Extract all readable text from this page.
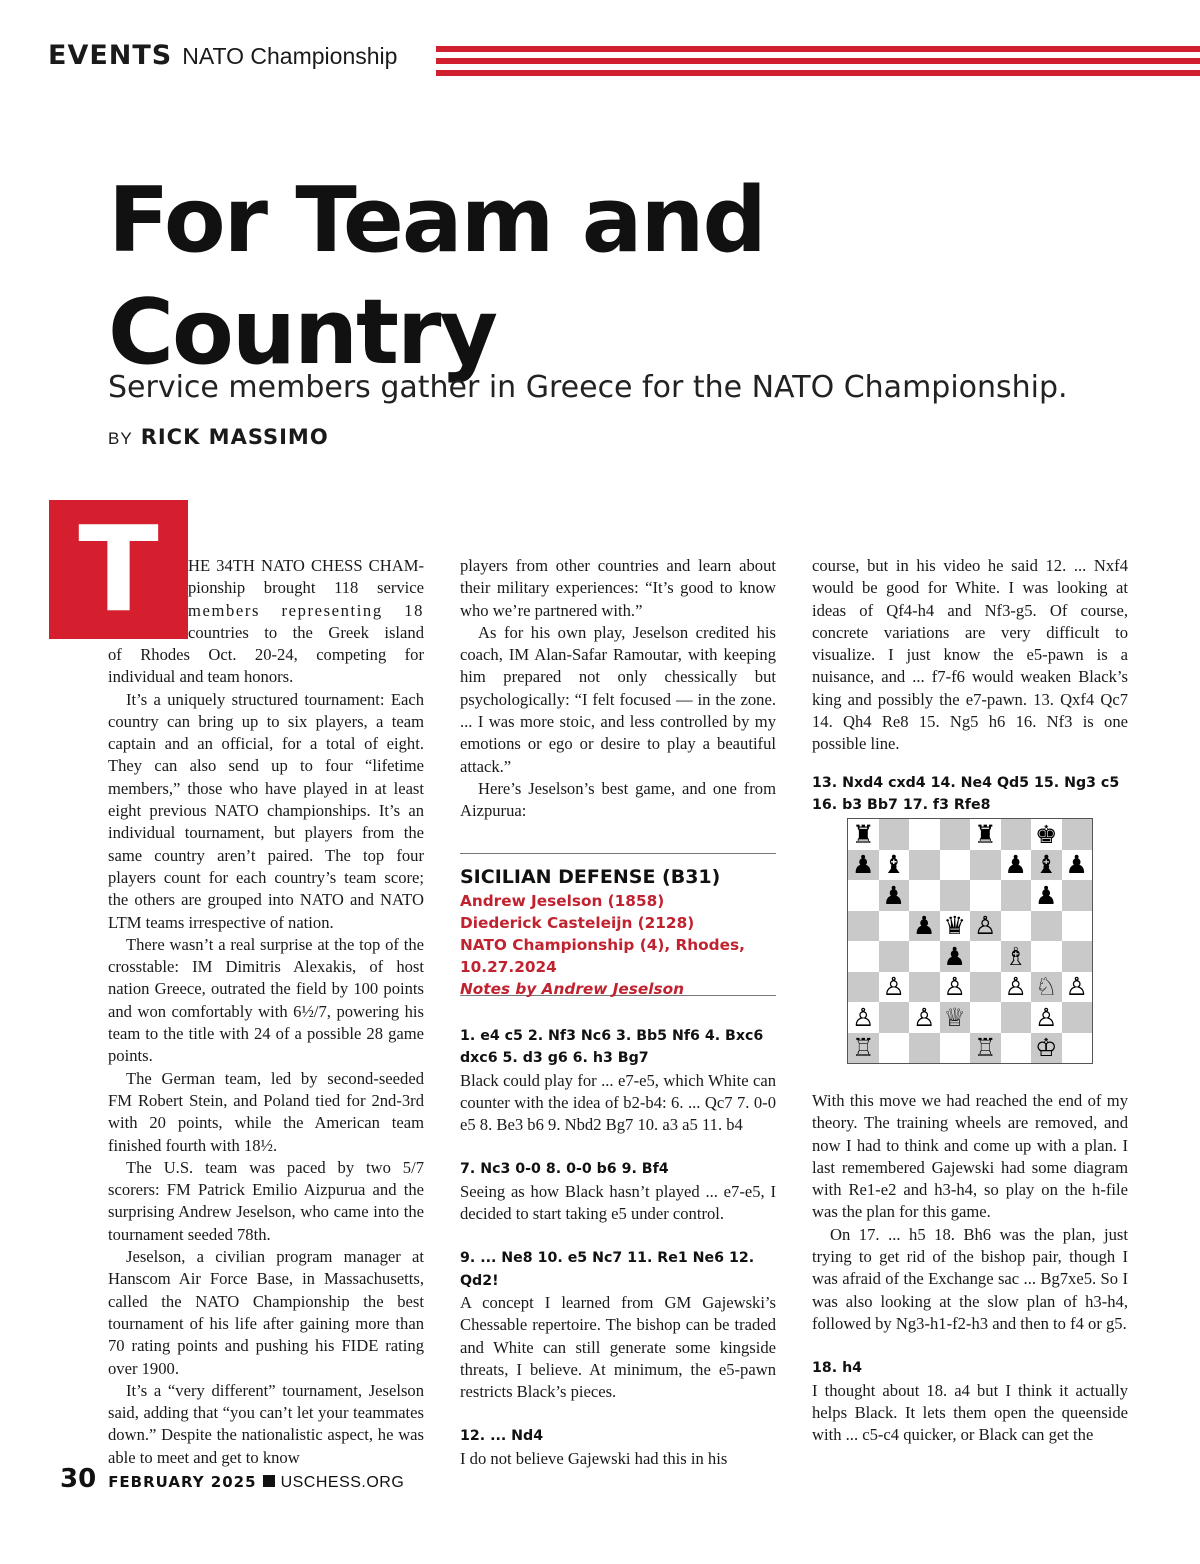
EVENTS NATO Championship
For Team and
Country
Service members gather in Greece for the NATO Championship.
BY RICK MASSIMO
T	HE 34TH NATO CHESS CHAM-
pionship brought 118 service
members representing 18
countries to the Greek island

of Rhodes Oct. 20-24, competing for individual and team honors.

It’s a uniquely structured tournament: Each country can bring up to six players, a team captain and an official, for a total of eight. They can also send up to four “lifetime members,” those who have played in at least eight previous NATO championships. It’s an individual tournament, but players from the same country aren’t paired. The top four players count for each country’s team score; the others are grouped into NATO and NATO LTM teams irrespective of nation.

There wasn’t a real surprise at the top of the crosstable: IM Dimitris Alexakis, of host nation Greece, outrated the field by 100 points and won comfortably with 6½/7, powering his team to the title with 24 of a possible 28 game points.

The German team, led by second-seeded FM Robert Stein, and Poland tied for 2nd-3rd with 20 points, while the American team finished fourth with 18½.

The U.S. team was paced by two 5/7 scorers: FM Patrick Emilio Aizpurua and the surprising Andrew Jeselson, who came into the tournament seeded 78th.

Jeselson, a civilian program manager at Hanscom Air Force Base, in Massachusetts, called the NATO Championship the best tournament of his life after gaining more than 70 rating points and pushing his FIDE rating over 1900.

It’s a “very different” tournament, Jeselson said, adding that “you can’t let your teammates down.” Despite the nationalistic aspect, he was able to meet and get to know

players from other countries and learn about their military experiences: “It’s good to know who we’re partnered with.”

As for his own play, Jeselson credited his coach, IM Alan-Safar Ramoutar, with keeping him prepared not only chessically but psychologically: “I felt focused — in the zone. ... I was more stoic, and less controlled by my emotions or ego or desire to play a beautiful attack.”

Here’s Jeselson’s best game, and one from Aizpurua:

SICILIAN DEFENSE (B31)
Andrew Jeselson (1858)
Diederick Casteleijn (2128)
NATO Championship (4), Rhodes,
10.27.2024
Notes by Andrew Jeselson

1. e4 c5 2. Nf3 Nc6 3. Bb5 Nf6 4. Bxc6 dxc6 5. d3 g6 6. h3 Bg7

Black could play for ... e7-e5, which White can counter with the idea of b2-b4: 6. ... Qc7 7. 0-0 e5 8. Be3 b6 9. Nbd2 Bg7 10. a3 a5 11. b4

7. Nc3 0-0 8. 0-0 b6 9. Bf4

Seeing as how Black hasn’t played ... e7-e5, I decided to start taking e5 under control.

9. ... Ne8 10. e5 Nc7 11. Re1 Ne6 12. Qd2!

A concept I learned from GM Gajewski’s Chessable repertoire. The bishop can be traded and White can still generate some kingside threats, I believe. At minimum, the e5-pawn restricts Black’s pieces.

12. ... Nd4

I do not believe Gajewski had this in his

course, but in his video he said 12. ... Nxf4 would be good for White. I was looking at ideas of Qf4-h4 and Nf3-g5. Of course, concrete variations are very difficult to visualize. I just know the e5-pawn is a nuisance, and ... f7-f6 would weaken Black’s king and possibly the e7-pawn. 13. Qxf4 Qc7 14. Qh4 Re8 15. Ng5 h6 16. Nf3 is one possible line.

13. Nxd4 cxd4 14. Ne4 Qd5 15. Ng3 c5 16. b3 Bb7 17. f3 Rfe8

♜	♜ ♚
♟ ♝	♟ ♝ ♟
♟	♟
♟ ♛ ♙
♟ ♗
♙ ♙ ♙ ♘ ♙
♙ ♙ ♕	♙
♖	♖ ♔

With this move we had reached the end of my theory. The training wheels are removed, and now I had to think and come up with a plan. I last remembered Gajewski had some diagram with Re1-e2 and h3-h4, so play on the h-file was the plan for this game.

On 17. ... h5 18. Bh6 was the plan, just trying to get rid of the bishop pair, though I was afraid of the Exchange sac ... Bg7xe5. So I was also looking at the slow plan of h3-h4, followed by Ng3-h1-f2-h3 and then to f4 or g5.

18. h4

I thought about 18. a4 but I think it actually helps Black. It lets them open the queenside with ... c5-c4 quicker, or Black can get the

30 FEBRUARY 2025 USCHESS.ORG
